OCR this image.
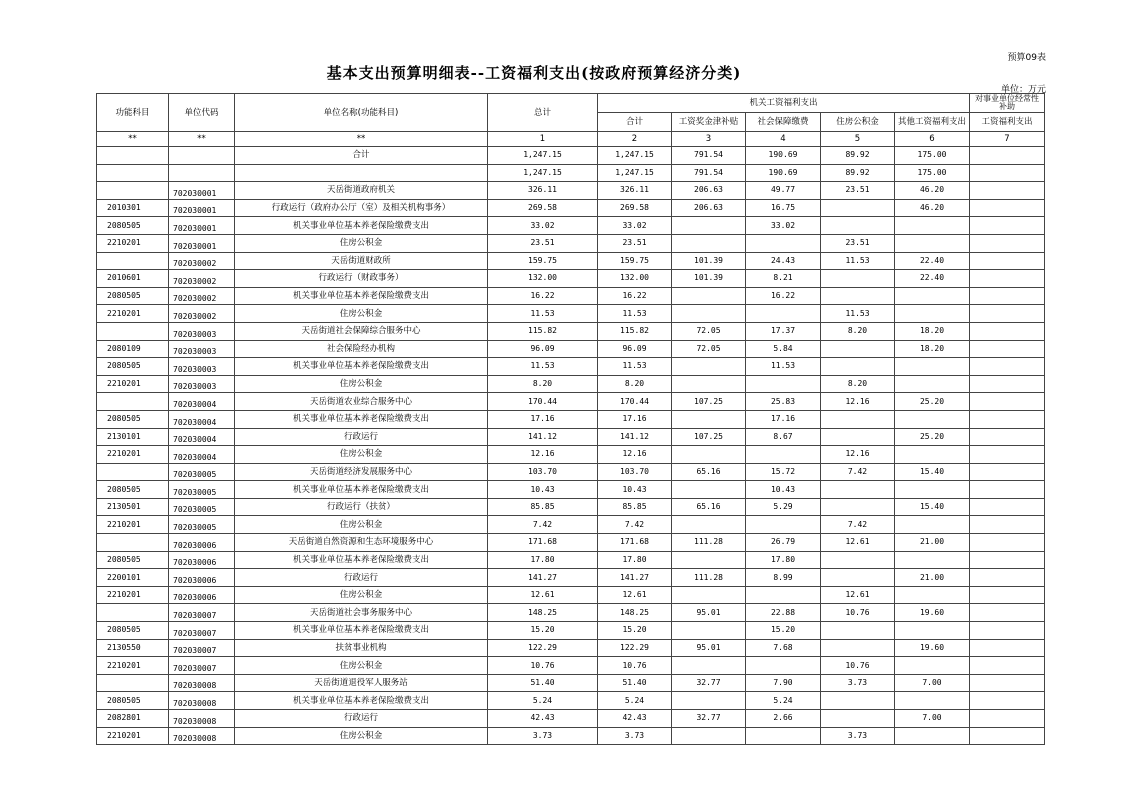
预算09表
基本支出预算明细表--工资福利支出(按政府预算经济分类)
单位：万元
功能科目	单位代码	单位名称(功能科目)	总计	机关工资福利支出					对事业单位经常性补助
				合计	工资奖金津补贴	社会保障缴费	住房公积金	其他工资福利支出	工资福利支出
**	**	**	1	2	3	4	5	6	7
		合计	1,247.15	1,247.15	791.54	190.69	89.92	175.00	
			1,247.15	1,247.15	791.54	190.69	89.92	175.00	
	702030001	天岳街道政府机关	326.11	326.11	206.63	49.77	23.51	46.20	
2010301	702030001	行政运行（政府办公厅（室）及相关机构事务）	269.58	269.58	206.63	16.75		46.20	
2080505	702030001	机关事业单位基本养老保险缴费支出	33.02	33.02		33.02			
2210201	702030001	住房公积金	23.51	23.51			23.51		
	702030002	天岳街道财政所	159.75	159.75	101.39	24.43	11.53	22.40	
2010601	702030002	行政运行（财政事务）	132.00	132.00	101.39	8.21		22.40	
2080505	702030002	机关事业单位基本养老保险缴费支出	16.22	16.22		16.22			
2210201	702030002	住房公积金	11.53	11.53			11.53		
	702030003	天岳街道社会保障综合服务中心	115.82	115.82	72.05	17.37	8.20	18.20	
2080109	702030003	社会保险经办机构	96.09	96.09	72.05	5.84		18.20	
2080505	702030003	机关事业单位基本养老保险缴费支出	11.53	11.53		11.53			
2210201	702030003	住房公积金	8.20	8.20			8.20		
	702030004	天岳街道农业综合服务中心	170.44	170.44	107.25	25.83	12.16	25.20	
2080505	702030004	机关事业单位基本养老保险缴费支出	17.16	17.16		17.16			
2130101	702030004	行政运行	141.12	141.12	107.25	8.67		25.20	
2210201	702030004	住房公积金	12.16	12.16			12.16		
	702030005	天岳街道经济发展服务中心	103.70	103.70	65.16	15.72	7.42	15.40	
2080505	702030005	机关事业单位基本养老保险缴费支出	10.43	10.43		10.43			
2130501	702030005	行政运行（扶贫）	85.85	85.85	65.16	5.29		15.40	
2210201	702030005	住房公积金	7.42	7.42			7.42		
	702030006	天岳街道自然资源和生态环境服务中心	171.68	171.68	111.28	26.79	12.61	21.00	
2080505	702030006	机关事业单位基本养老保险缴费支出	17.80	17.80		17.80			
2200101	702030006	行政运行	141.27	141.27	111.28	8.99		21.00	
2210201	702030006	住房公积金	12.61	12.61			12.61		
	702030007	天岳街道社会事务服务中心	148.25	148.25	95.01	22.88	10.76	19.60	
2080505	702030007	机关事业单位基本养老保险缴费支出	15.20	15.20		15.20			
2130550	702030007	扶贫事业机构	122.29	122.29	95.01	7.68		19.60	
2210201	702030007	住房公积金	10.76	10.76			10.76		
	702030008	天岳街道退役军人服务站	51.40	51.40	32.77	7.90	3.73	7.00	
2080505	702030008	机关事业单位基本养老保险缴费支出	5.24	5.24		5.24			
2082801	702030008	行政运行	42.43	42.43	32.77	2.66		7.00	
2210201	702030008	住房公积金	3.73	3.73			3.73		
